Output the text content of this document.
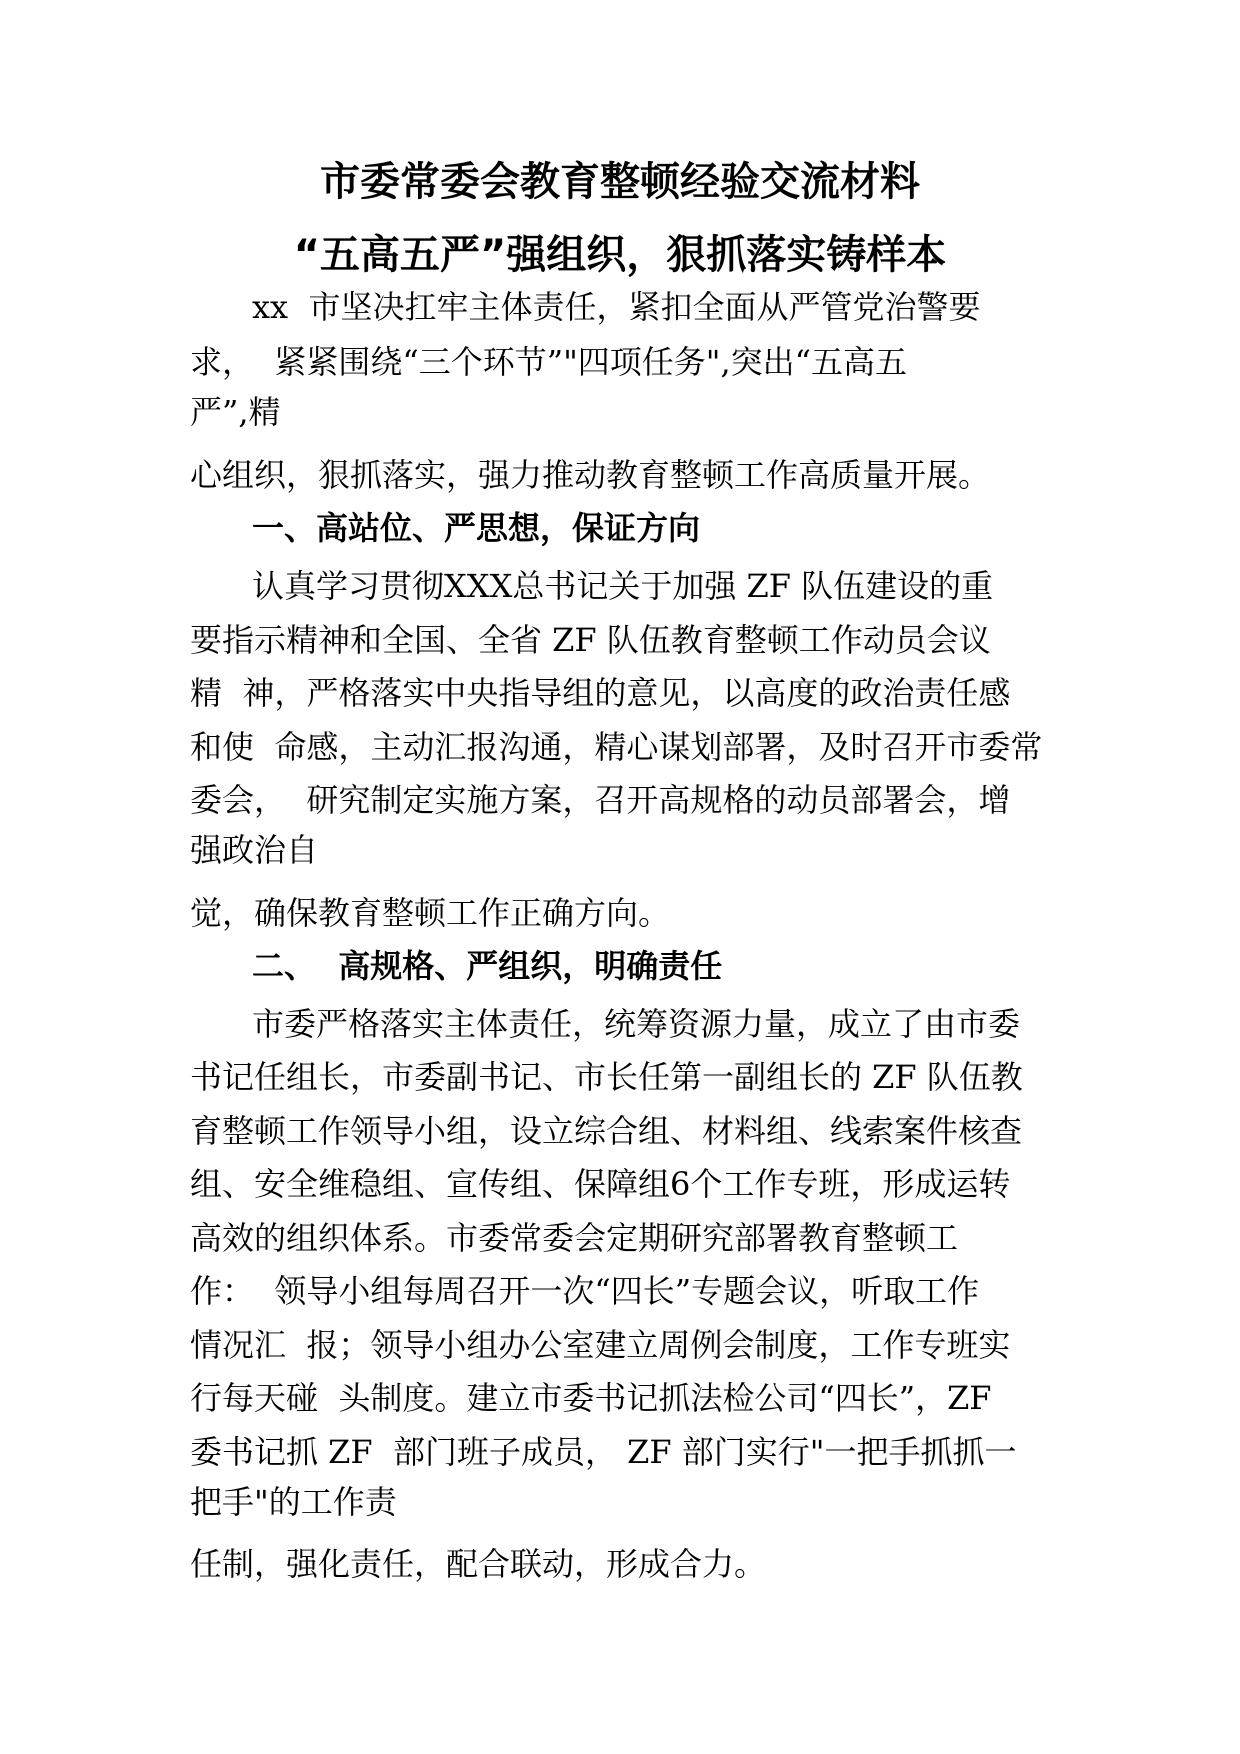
市委常委会教育整顿经验交流材料
“五高五严”强组织，狠抓落实铸样本

xx  市坚决扛牢主体责任，紧扣全面从严管党治警要

求，  紧紧围绕“三个环节”"四项任务",突出“五高五

严”,精

心组织，狠抓落实，强力推动教育整顿工作高质量开展。

一、高站位、严思想，保证方向

认真学习贯彻XXX总书记关于加强 ZF 队伍建设的重

要指示精神和全国、全省 ZF 队伍教育整顿工作动员会议

精  神，严格落实中央指导组的意见，以高度的政治责任感

和使  命感，主动汇报沟通，精心谋划部署，及时召开市委常

委会，  研究制定实施方案，召开高规格的动员部署会，增

强政治自

觉，确保教育整顿工作正确方向。

二、  高规格、严组织，明确责任

市委严格落实主体责任，统筹资源力量，成立了由市委

书记任组长，市委副书记、市长任第一副组长的 ZF 队伍教

育整顿工作领导小组，设立综合组、材料组、线索案件核查

组、安全维稳组、宣传组、保障组6个工作专班，形成运转

高效的组织体系。市委常委会定期研究部署教育整顿工

作：  领导小组每周召开一次“四长”专题会议，听取工作

情况汇  报；领导小组办公室建立周例会制度，工作专班实

行每天碰  头制度。建立市委书记抓法检公司“四长”，ZF

委书记抓 ZF  部门班子成员， ZF 部门实行"一把手抓抓一

把手"的工作责

任制，强化责任，配合联动，形成合力。
